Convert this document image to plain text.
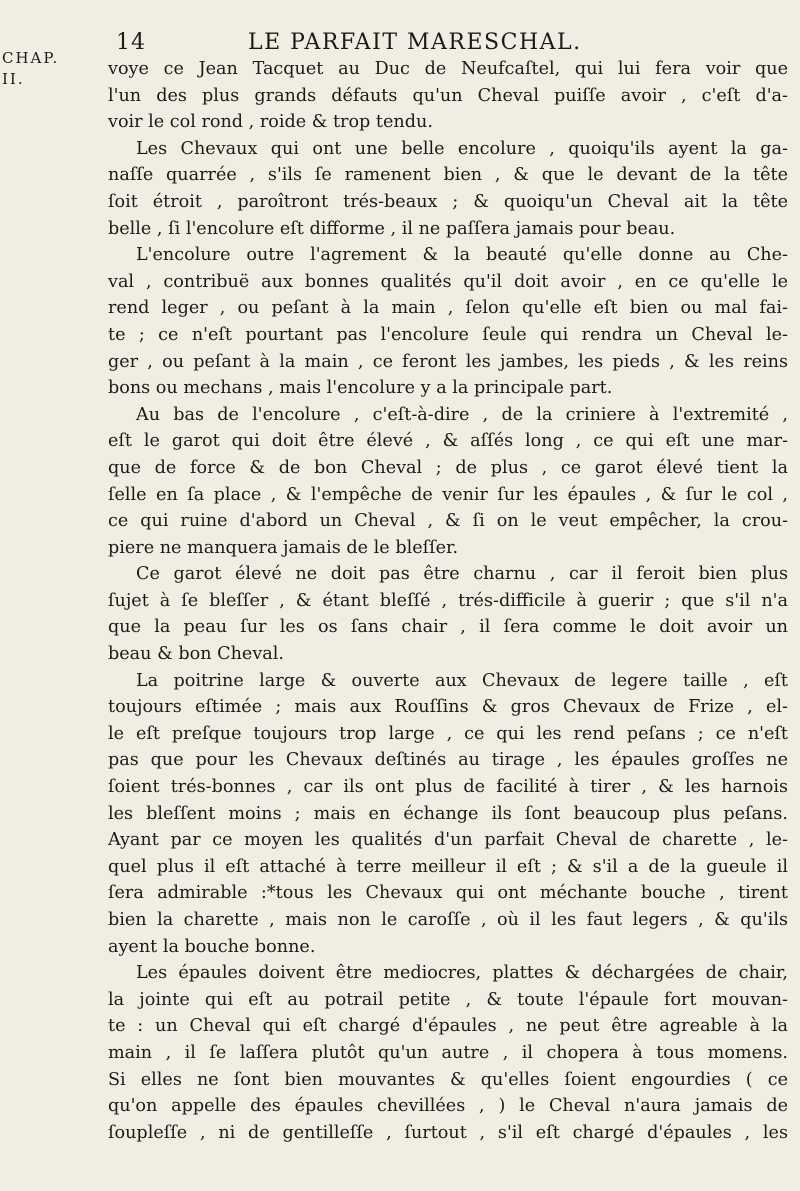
14	LE PARFAIT MARESCHAL.
CHAP.
II.	voye ce Jean Tacquet au Duc de Neufcaſtel, qui lui fera voir que
l'un des plus grands défauts qu'un Cheval puiſſe avoir , c'eſt d'a-
voir le col rond , roide & trop tendu.
Les Chevaux qui ont une belle encolure , quoiqu'ils ayent la ga-
naſſe quarrée , s'ils ſe ramenent bien , & que le devant de la tête
ſoit étroit , paroîtront trés-beaux ; & quoiqu'un Cheval ait la tête
belle , ſi l'encolure eſt difforme , il ne paſſera jamais pour beau.
L'encolure outre l'agrement & la beauté qu'elle donne au Che-
val , contribuë aux bonnes qualités qu'il doit avoir , en ce qu'elle le
rend leger , ou peſant à la main , ſelon qu'elle eſt bien ou mal fai-
te ; ce n'eſt pourtant pas l'encolure ſeule qui rendra un Cheval le-
ger , ou peſant à la main , ce feront les jambes, les pieds , & les reins
bons ou mechans , mais l'encolure y a la principale part.
Au bas de l'encolure , c'eſt-à-dire , de la criniere à l'extremité ,
eſt le garot qui doit être élevé , & aſſés long , ce qui eſt une mar-
que de force & de bon Cheval ; de plus , ce garot élevé tient la
ſelle en ſa place , & l'empêche de venir ſur les épaules , & ſur le col ,
ce qui ruine d'abord un Cheval , & ſi on le veut empêcher, la crou-
piere ne manquera jamais de le bleſſer.
Ce garot élevé ne doit pas être charnu , car il feroit bien plus
ſujet à ſe bleſſer , & étant bleſſé , trés-difficile à guerir ; que s'il n'a
que la peau ſur les os ſans chair , il ſera comme le doit avoir un
beau & bon Cheval.
La poitrine large & ouverte aux Chevaux de legere taille , eſt
toujours eſtimée ; mais aux Rouſſins & gros Chevaux de Frize , el-
le eſt preſque toujours trop large , ce qui les rend peſans ; ce n'eſt
pas que pour les Chevaux deſtinés au tirage , les épaules groſſes ne
ſoient trés-bonnes , car ils ont plus de facilité à tirer , & les harnois
les bleſſent moins ; mais en échange ils ſont beaucoup plus peſans.
Ayant par ce moyen les qualités d'un parfait Cheval de charette , le-
quel plus il eſt attaché à terre meilleur il eſt ; & s'il a de la gueule il
ſera admirable :*tous les Chevaux qui ont méchante bouche , tirent
bien la charette , mais non le caroſſe , où il les faut legers , & qu'ils
ayent la bouche bonne.
Les épaules doivent être mediocres, plattes & déchargées de chair,
la jointe qui eſt au potrail petite , & toute l'épaule fort mouvan-
te : un Cheval qui eſt chargé d'épaules , ne peut être agreable à la
main , il ſe laſſera plutôt qu'un autre , il chopera à tous momens.
Si elles ne ſont bien mouvantes & qu'elles ſoient engourdies ( ce
qu'on appelle des épaules chevillées , ) le Cheval n'aura jamais de
ſoupleſſe , ni de gentilleſſe , ſurtout , s'il eſt chargé d'épaules , les
